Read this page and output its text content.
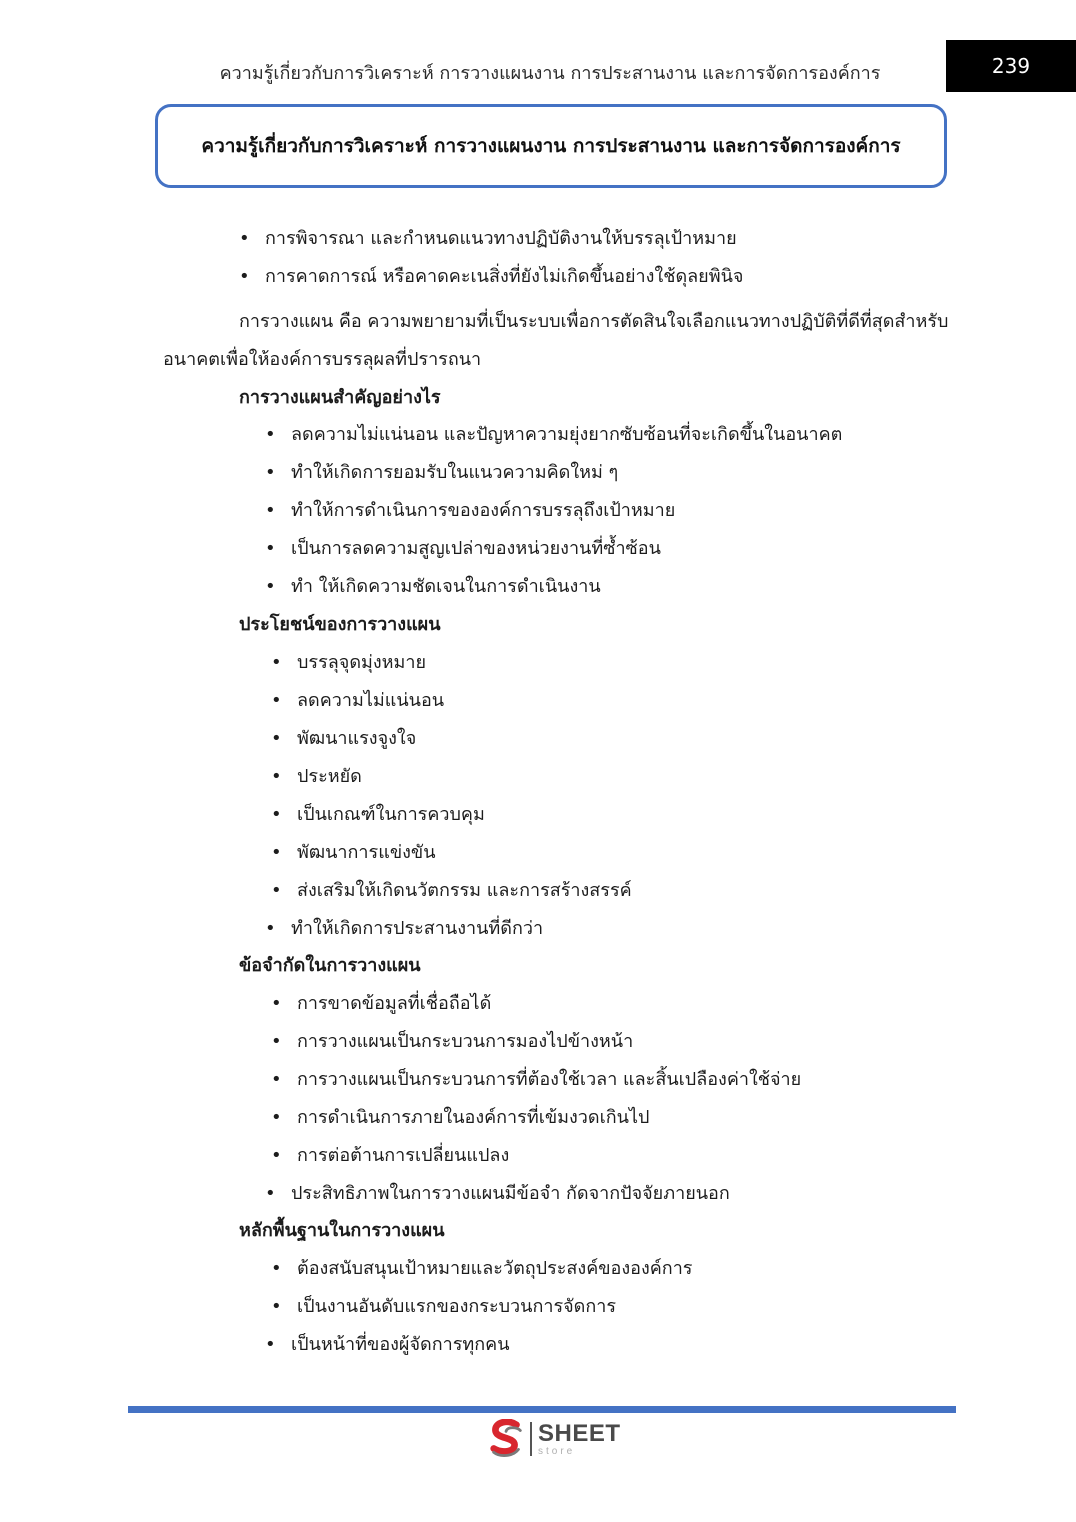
ความรู้เกี่ยวกับการวิเคราะห์ การวางแผนงาน การประสานงาน และการจัดการองค์การ	239
ความรู้เกี่ยวกับการวิเคราะห์ การวางแผนงาน การประสานงาน และการจัดการองค์การ
• การพิจารณา และกำหนดแนวทางปฏิบัติงานให้บรรลุเป้าหมาย
• การคาดการณ์ หรือคาดคะเนสิ่งที่ยังไม่เกิดขึ้นอย่างใช้ดุลยพินิจ
การวางแผน คือ ความพยายามที่เป็นระบบเพื่อการตัดสินใจเลือกแนวทางปฏิบัติที่ดีที่สุดสำหรับ
อนาคตเพื่อให้องค์การบรรลุผลที่ปรารถนา
การวางแผนสำคัญอย่างไร
• ลดความไม่แน่นอน และปัญหาความยุ่งยากซับซ้อนที่จะเกิดขึ้นในอนาคต
• ทำให้เกิดการยอมรับในแนวความคิดใหม่ ๆ
• ทำให้การดำเนินการขององค์การบรรลุถึงเป้าหมาย
• เป็นการลดความสูญเปล่าของหน่วยงานที่ซ้ำซ้อน
• ทำ ให้เกิดความชัดเจนในการดำเนินงาน
ประโยชน์ของการวางแผน
• บรรลุจุดมุ่งหมาย
• ลดความไม่แน่นอน
• พัฒนาแรงจูงใจ
• ประหยัด
• เป็นเกณฑ์ในการควบคุม
• พัฒนาการแข่งขัน
• ส่งเสริมให้เกิดนวัตกรรม และการสร้างสรรค์
• ทำให้เกิดการประสานงานที่ดีกว่า
ข้อจำกัดในการวางแผน
• การขาดข้อมูลที่เชื่อถือได้
• การวางแผนเป็นกระบวนการมองไปข้างหน้า
• การวางแผนเป็นกระบวนการที่ต้องใช้เวลา และสิ้นเปลืองค่าใช้จ่าย
• การดำเนินการภายในองค์การที่เข้มงวดเกินไป
• การต่อต้านการเปลี่ยนแปลง
• ประสิทธิภาพในการวางแผนมีข้อจำ กัดจากปัจจัยภายนอก
หลักพื้นฐานในการวางแผน
• ต้องสนับสนุนเป้าหมายและวัตถุประสงค์ขององค์การ
• เป็นงานอันดับแรกของกระบวนการจัดการ
• เป็นหน้าที่ของผู้จัดการทุกคน
SHEET
store
